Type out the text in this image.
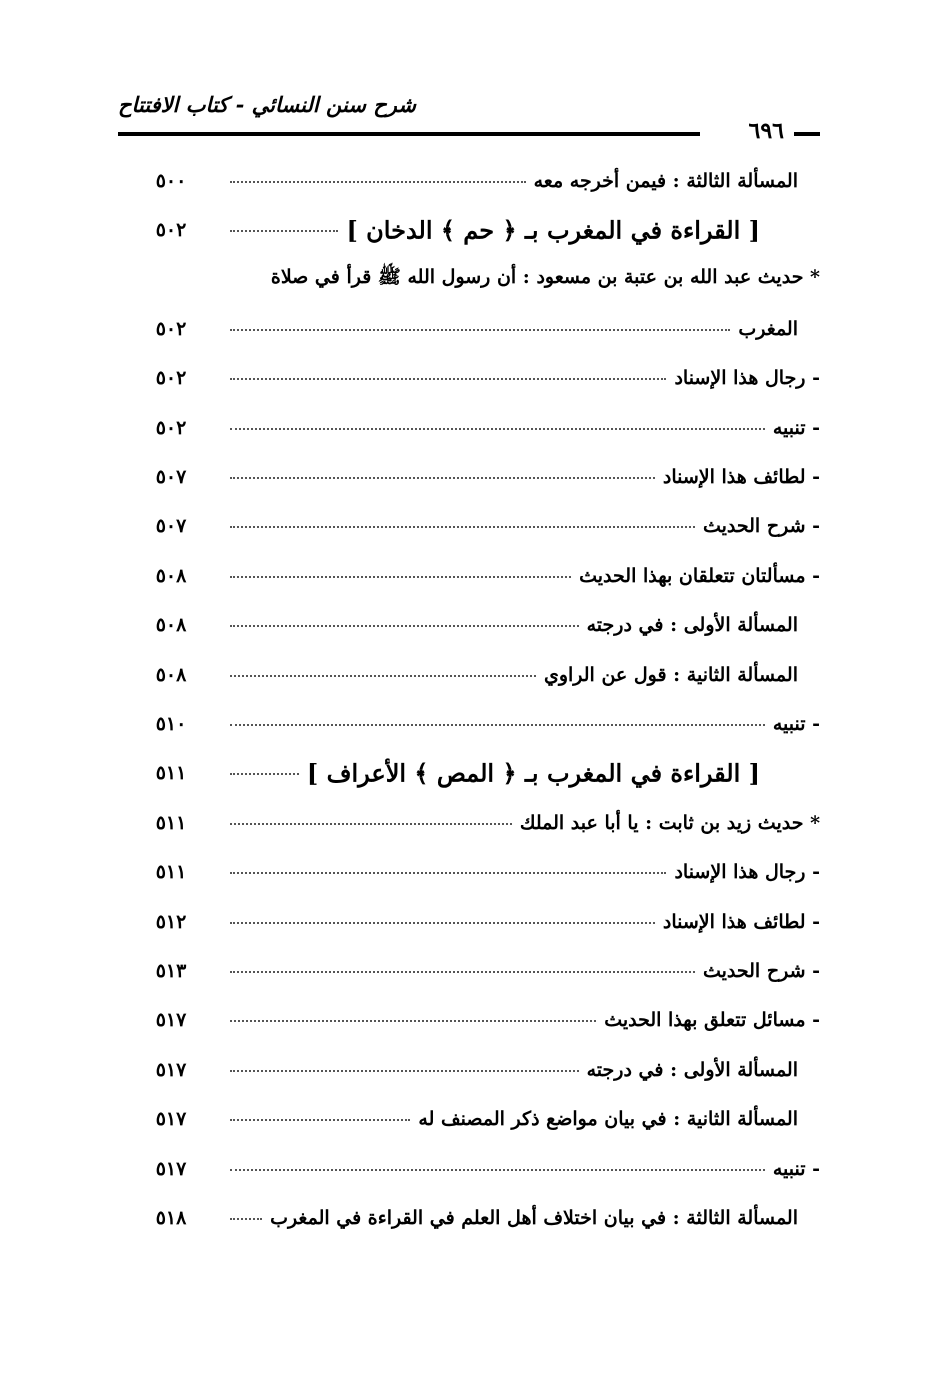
شرح سنن النسائي - كتاب الافتتاح
٦٩٦
المسألة الثالثة : فيمن أخرجه معه
٥٠٠
[ القراءة في المغرب بـ ﴿ حم ﴾ الدخان ]
٥٠٢
* حديث عبد الله بن عتبة بن مسعود : أن رسول الله ﷺ قرأ في صلاة
المغرب
٥٠٢
- رجال هذا الإسناد
٥٠٢
- تنبيه
٥٠٢
- لطائف هذا الإسناد
٥٠٧
- شرح الحديث
٥٠٧
- مسألتان تتعلقان بهذا الحديث
٥٠٨
المسألة الأولى : في درجته
٥٠٨
المسألة الثانية : قول عن الراوي
٥٠٨
- تنبيه
٥١٠
[ القراءة في المغرب بـ ﴿ المص ﴾ الأعراف ]
٥١١
* حديث زيد بن ثابت : يا أبا عبد الملك
٥١١
- رجال هذا الإسناد
٥١١
- لطائف هذا الإسناد
٥١٢
- شرح الحديث
٥١٣
- مسائل تتعلق بهذا الحديث
٥١٧
المسألة الأولى : في درجته
٥١٧
المسألة الثانية : في بيان مواضع ذكر المصنف له
٥١٧
- تنبيه
٥١٧
المسألة الثالثة : في بيان اختلاف أهل العلم في القراءة في المغرب
٥١٨
